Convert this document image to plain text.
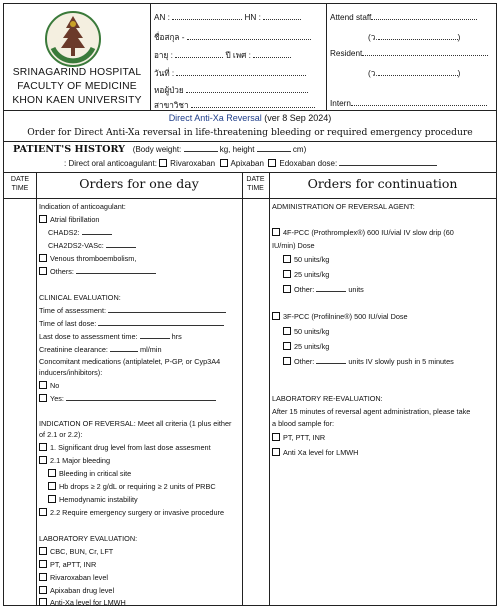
SRINAGARIND HOSPITAL
FACULTY OF MEDICINE
KHON KAEN UNIVERSITY
AN :	HN :
ชื่อสกุล -
อายุ :	ปี เพศ :
วันที่ :
หอผู้ป่วย
สาขาวิชา
Attend staff
(ว.	)
Resident
(ว.	)
Intern
Direct Anti-Xa Reversal (ver 8 Sep 2024)
Order for Direct Anti-Xa reversal in life-threatening bleeding or required emergency procedure
PATIENT'S HISTORY (Body weight:	kg, height	cm)
: Direct oral anticoagulant: Rivaroxaban Apixaban Edoxaban dose:
DATE
TIME	Orders for one day	DATE
TIME	Orders for continuation
Indication of anticoagulant:
Atrial fibrillation
CHADS2:
CHA2DS2-VASc:
Venous thromboembolism,
Others:
CLINICAL EVALUATION:
Time of assessment:
Time of last dose:
Last dose to assessment time:	hrs
Creatinine clearance:	ml/min
Concomitant medications (antiplatelet, P-GP, or Cyp3A4
inducers/inhibitors):
No
Yes:
INDICATION OF REVERSAL: Meet all criteria (1 plus either
of 2.1 or 2.2):
1. Significant drug level from last dose assesment
2.1 Major bleeding
Bleeding in critical site
Hb drops ≥ 2 g/dL or requiring ≥ 2 units of PRBC
Hemodynamic instability
2.2 Require emergency surgery or invasive procedure
LABORATORY EVALUATION:
CBC, BUN, Cr, LFT
PT, aPTT, INR
Rivaroxaban level
Apixaban drug level
Anti-Xa level for LMWH
ADMINISTRATION OF REVERSAL AGENT:
4F-PCC (Prothromplex®) 600 IU/vial IV slow drip (60
IU/min) Dose
50 units/kg
25 units/kg
Other:	units
3F-PCC (Profilnine®) 500 IU/vial Dose
50 units/kg
25 units/kg
Other:	units IV slowly push in 5 minutes
LABORATORY RE-EVALUATION:
After 15 minutes of reversal agent administration, please take
a blood sample for:
PT, PTT, INR
Anti Xa level for LMWH
